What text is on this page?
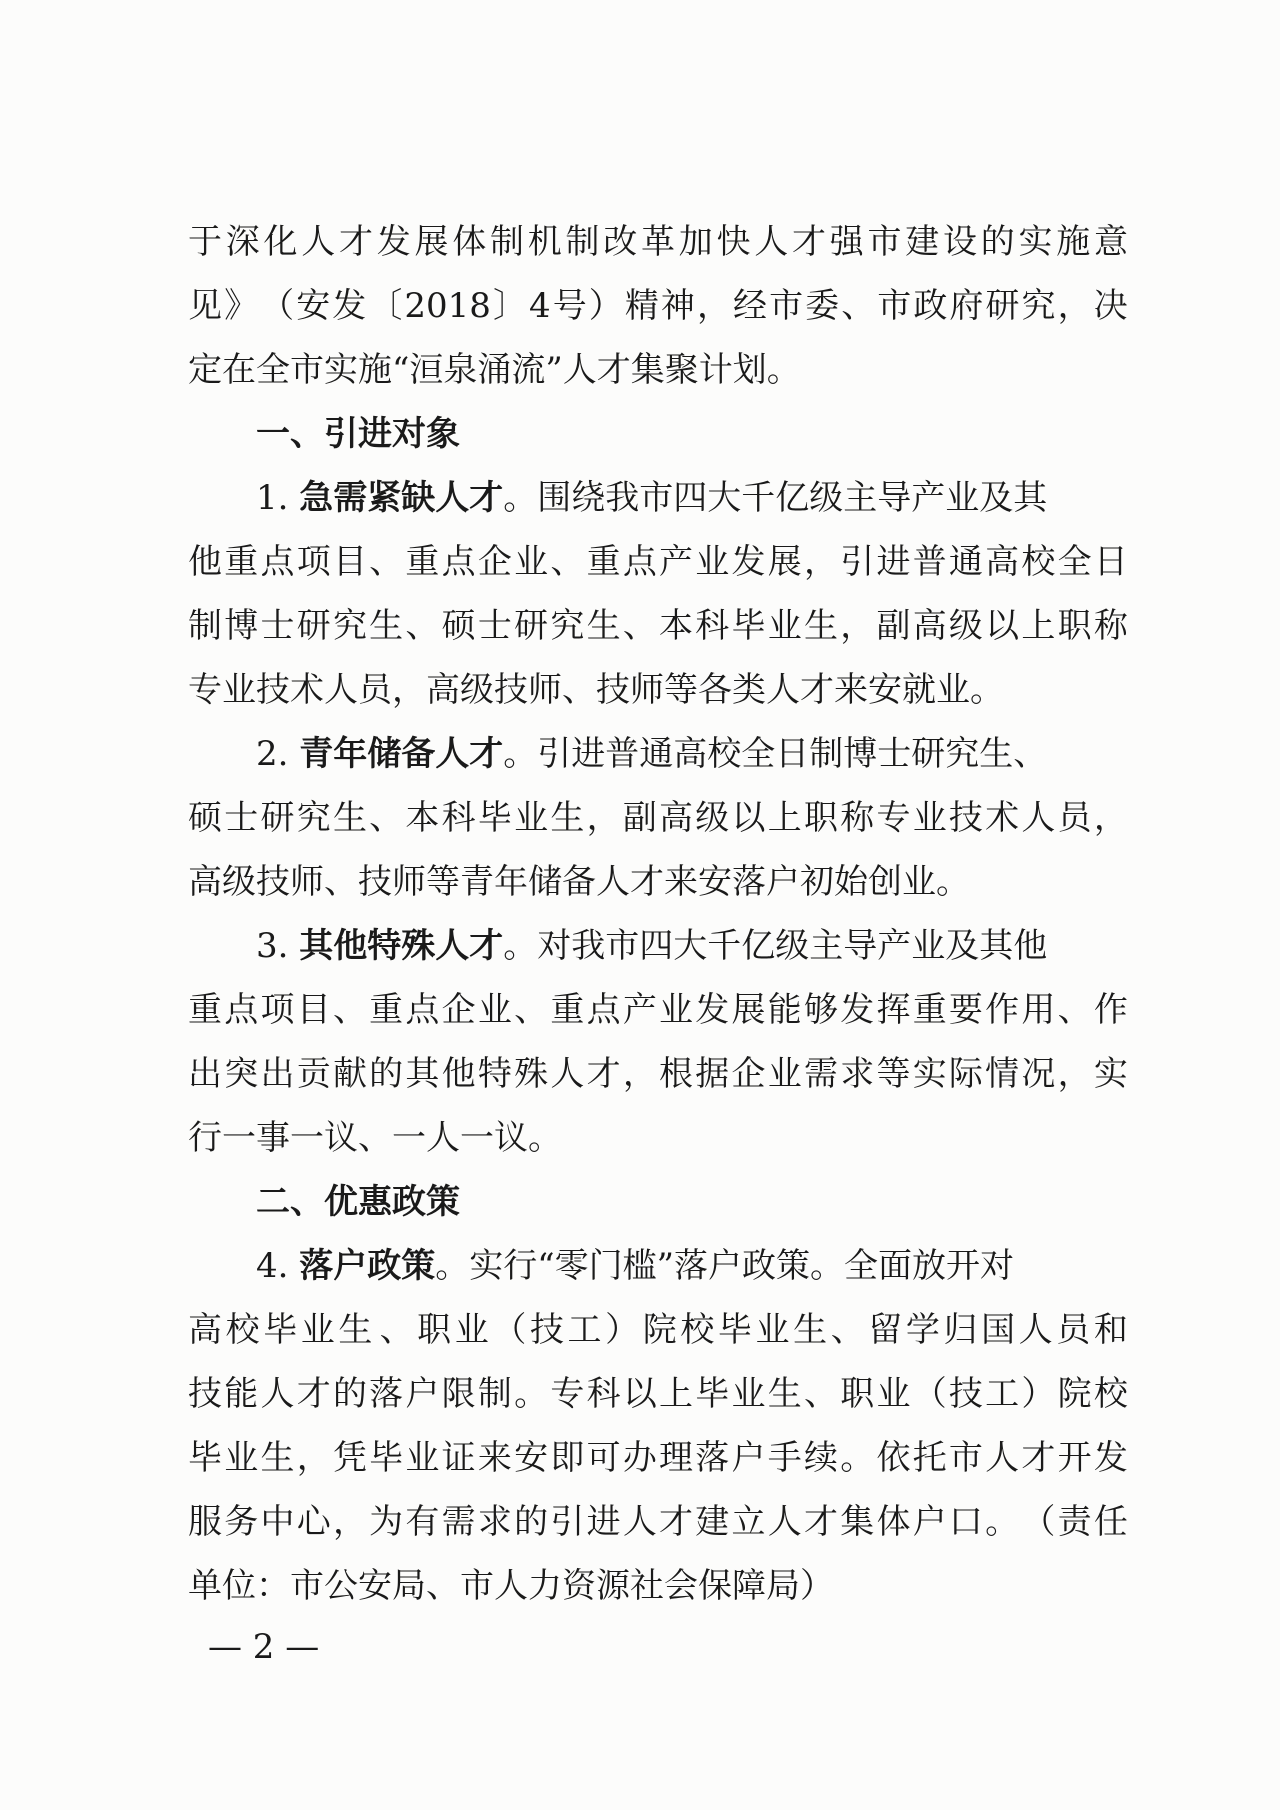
于 深 化 人 才 发 展 体 制 机 制 改 革 加 快 人 才 强 市 建 设 的 实 施 意
见 》 （ 安 发 〔 2018 〕 4 号 ） 精 神 ， 经 市 委 、 市 政 府 研 究 ， 决
定在全市实施“洹泉涌流”人才集聚计划。
一、引进对象
1. 急需紧缺人才。围绕我市四大千亿级主导产业及其
他 重 点 项 目 、 重 点 企 业 、 重 点 产 业 发 展 ， 引 进 普 通 高 校 全 日
制 博 士 研 究 生 、 硕 士 研 究 生 、 本 科 毕 业 生 ， 副 高 级 以 上 职 称
专业技术人员，高级技师、技师等各类人才来安就业。
2. 青年储备人才。引进普通高校全日制博士研究生、
硕 士 研 究 生 、 本 科 毕 业 生 ， 副 高 级 以 上 职 称 专 业 技 术 人 员 ，
高级技师、技师等青年储备人才来安落户初始创业。
3. 其他特殊人才。对我市四大千亿级主导产业及其他
重 点 项 目 、 重 点 企 业 、 重 点 产 业 发 展 能 够 发 挥 重 要 作 用 、 作
出 突 出 贡 献 的 其 他 特 殊 人 才 ， 根 据 企 业 需 求 等 实 际 情 况 ， 实
行一事一议、一人一议。
二、优惠政策
4. 落户政策。实行“零门槛”落户政策。全面放开对
高 校 毕 业 生 、 职 业 （ 技 工 ） 院 校 毕 业 生 、 留 学 归 国 人 员 和
技 能 人 才 的 落 户 限 制 。 专 科 以 上 毕 业 生 、 职 业 （ 技 工 ） 院 校
毕 业 生 ， 凭 毕 业 证 来 安 即 可 办 理 落 户 手 续 。 依 托 市 人 才 开 发
服 务 中 心 ， 为 有 需 求 的 引 进 人 才 建 立 人 才 集 体 户 口 。 （ 责 任
单位：市公安局、市人力资源社会保障局）
— 2 —
